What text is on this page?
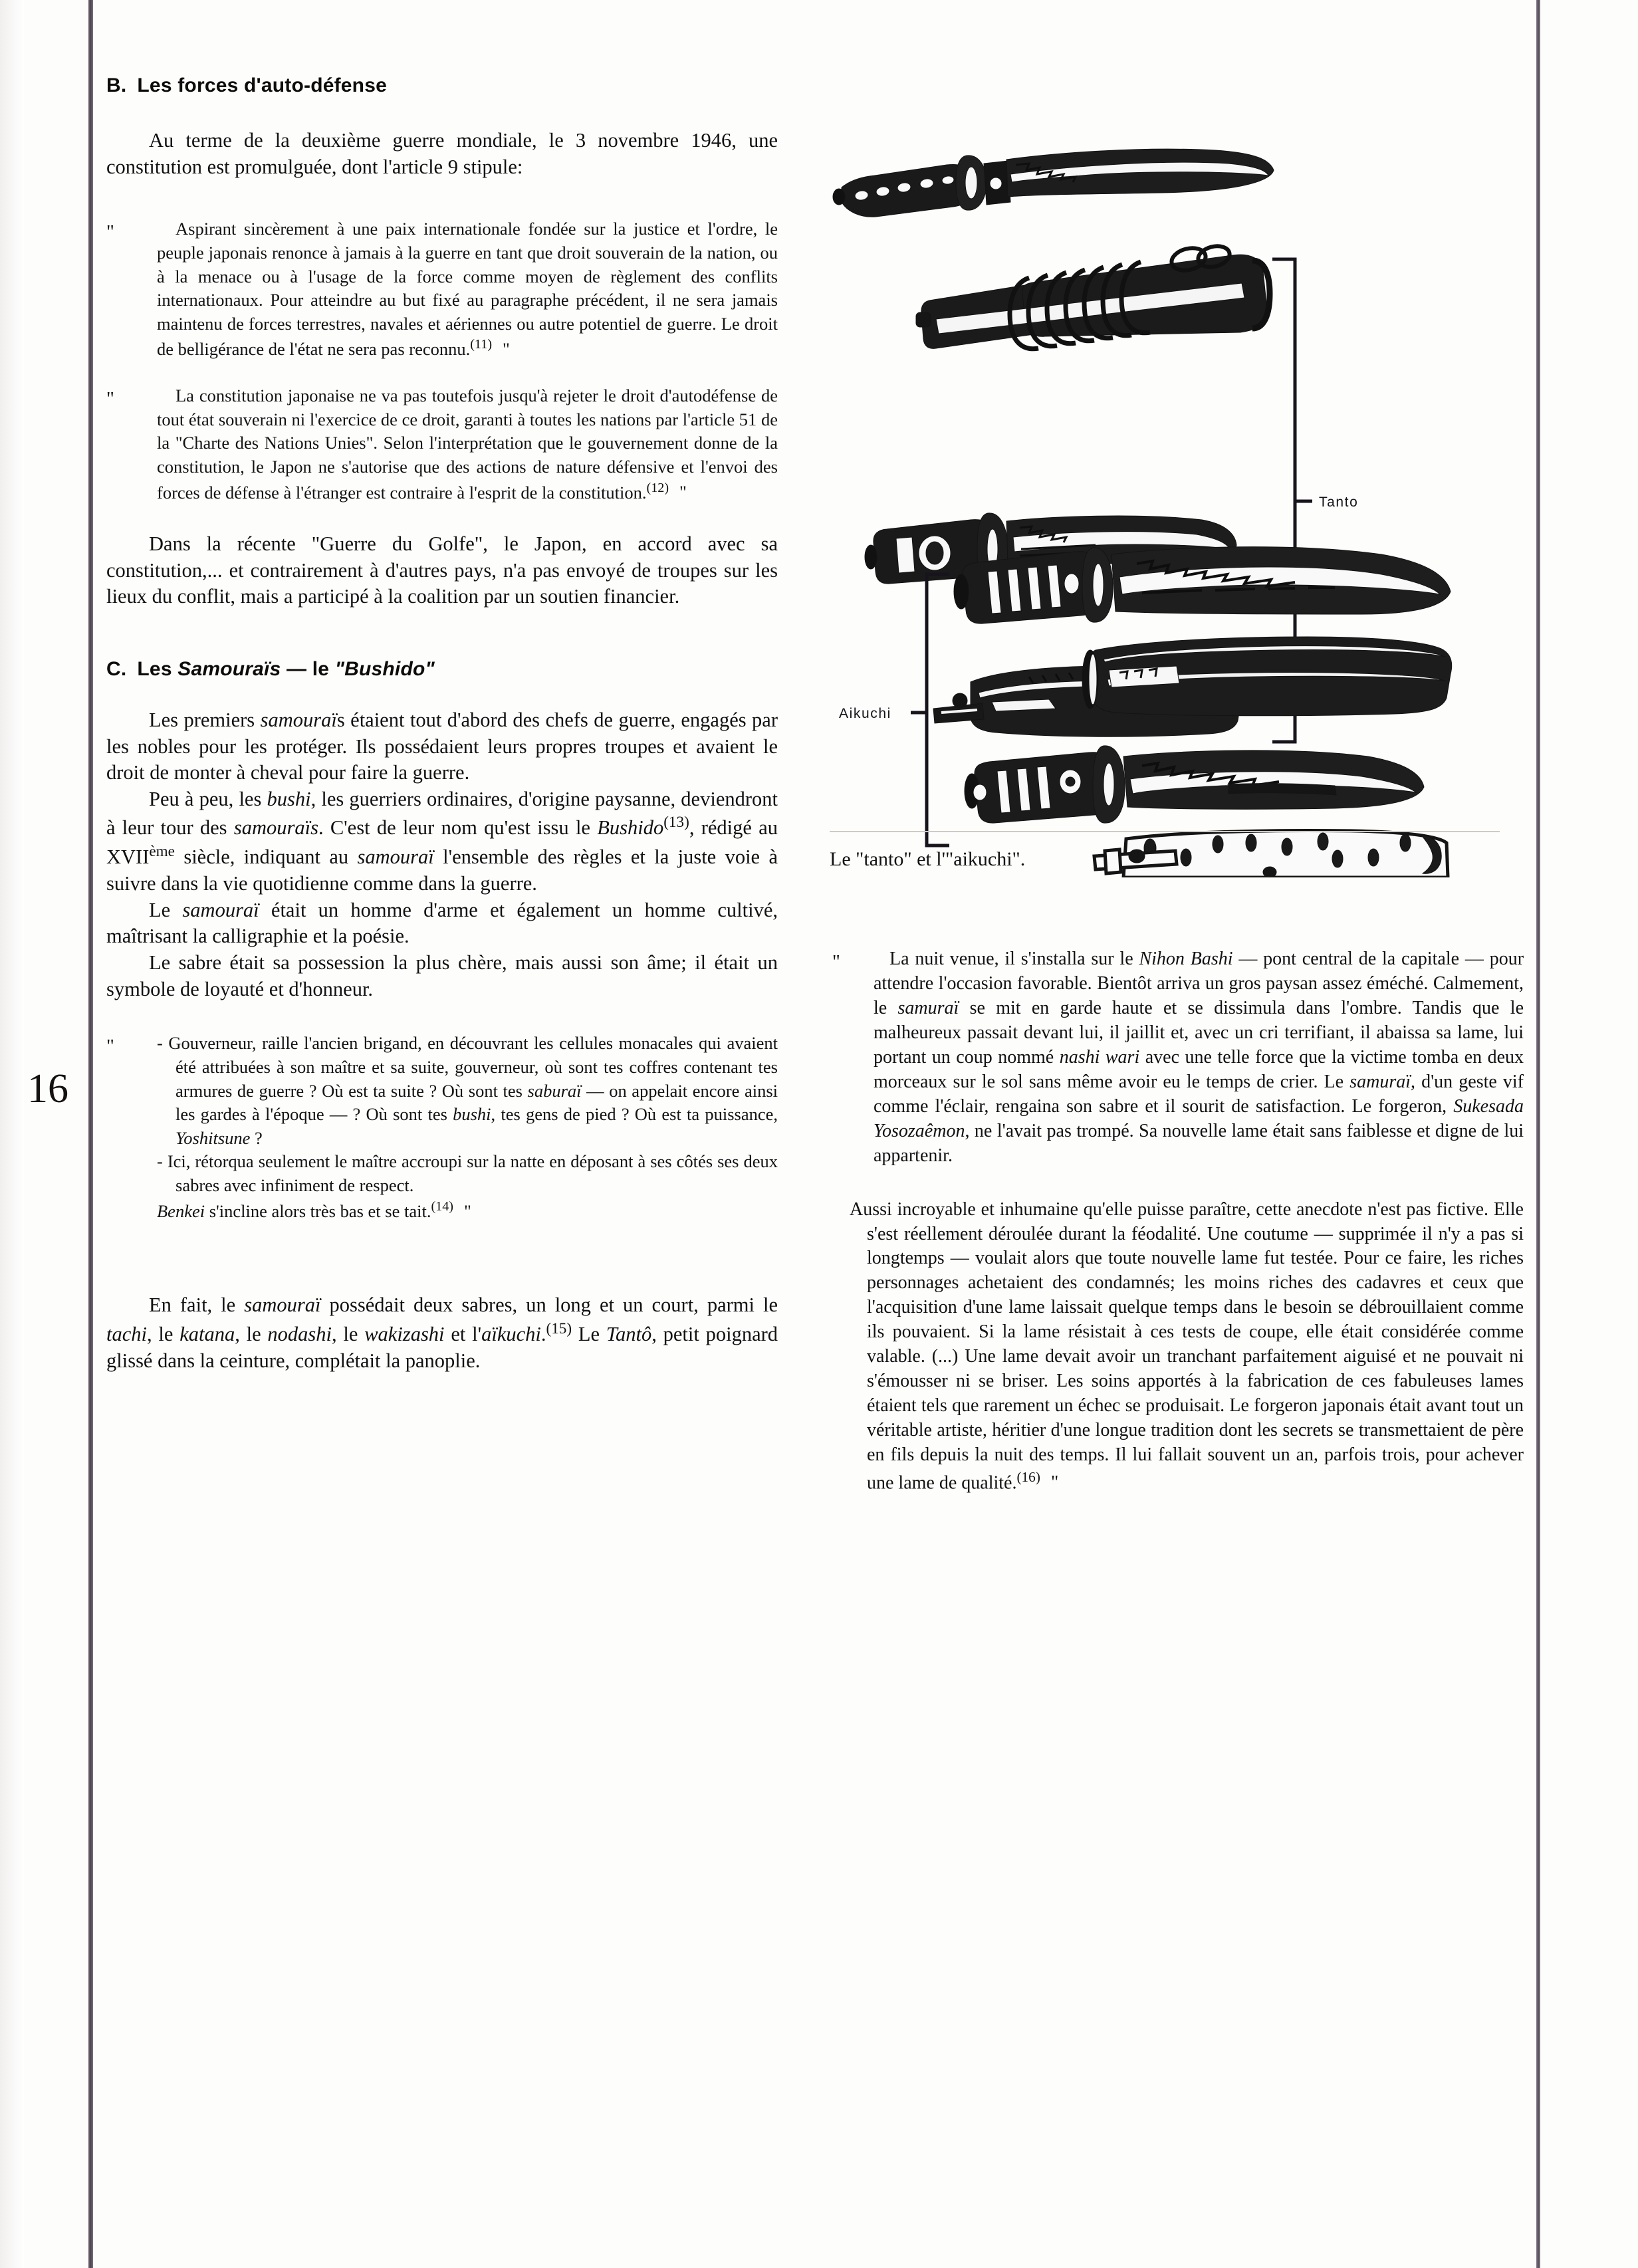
16
B. Les forces d'auto-défense

Au terme de la deuxième guerre mondiale, le 3 novembre 1946, une constitution est promulguée, dont l'article 9 stipule:

"	Aspirant sincèrement à une paix internationale fondée sur la justice et l'ordre, le peuple japonais renonce à jamais à la guerre en tant que droit souverain de la nation, ou à la menace ou à l'usage de la force comme moyen de règlement des conflits internationaux. Pour atteindre au but fixé au paragraphe précédent, il ne sera jamais maintenu de forces terrestres, navales et aériennes ou autre potentiel de guerre. Le droit de belligérance de l'état ne sera pas reconnu.$^{(11)}$ "

"	La constitution japonaise ne va pas toutefois jusqu'à rejeter le droit d'autodéfense de tout état souverain ni l'exercice de ce droit, garanti à toutes les nations par l'article 51 de la "Charte des Nations Unies". Selon l'interprétation que le gouvernement donne de la constitution, le Japon ne s'autorise que des actions de nature défensive et l'envoi des forces de défense à l'étranger est contraire à l'esprit de la constitution.$^{(12)}$ "

Dans la récente "Guerre du Golfe", le Japon, en accord avec sa constitution,... et contrairement à d'autres pays, n'a pas envoyé de troupes sur les lieux du conflit, mais a participé à la coalition par un soutien financier.

C. Les Samouraïs — le "Bushido"

Les premiers samouraïs étaient tout d'abord des chefs de guerre, engagés par les nobles pour les protéger. Ils possédaient leurs propres troupes et avaient le droit de monter à cheval pour faire la guerre.

Peu à peu, les bushi, les guerriers ordinaires, d'origine paysanne, deviendront à leur tour des samouraïs. C'est de leur nom qu'est issu le Bushido$^{(13)}$, rédigé au XVIIème siècle, indiquant au samouraï l'ensemble des règles et la juste voie à suivre dans la vie quotidienne comme dans la guerre.

Le samouraï était un homme d'arme et également un homme cultivé, maîtrisant la calligraphie et la poésie.

Le sabre était sa possession la plus chère, mais aussi son âme; il était un symbole de loyauté et d'honneur.

" - Gouverneur, raille l'ancien brigand, en découvrant les cellules monacales qui avaient été attribuées à son maître et sa suite, gouverneur, où sont tes coffres contenant tes armures de guerre ? Où est ta suite ? Où sont tes saburaï — on appelait encore ainsi les gardes à l'époque — ? Où sont tes bushi, tes gens de pied ? Où est ta puissance, Yoshitsune ?

- Ici, rétorqua seulement le maître accroupi sur la natte en déposant à ses côtés ses deux sabres avec infiniment de respect.

Benkei s'incline alors très bas et se tait.$^{(14)}$ "

En fait, le samouraï possédait deux sabres, un long et un court, parmi le tachi, le katana, le nodashi, le wakizashi et l'aïkuchi.$^{(15)}$ Le Tantô, petit poignard glissé dans la ceinture, complétait la panoplie.

Tanto
Aikuchi
Le "tanto" et l'"aikuchi".
"	La nuit venue, il s'installa sur le Nihon Bashi — pont central de la capitale — pour attendre l'occasion favorable. Bientôt arriva un gros paysan assez éméché. Calmement, le samuraï se mit en garde haute et se dissimula dans l'ombre. Tandis que le malheureux passait devant lui, il jaillit et, avec un cri terrifiant, il abaissa sa lame, lui portant un coup nommé nashi wari avec une telle force que la victime tomba en deux morceaux sur le sol sans même avoir eu le temps de crier. Le samuraï, d'un geste vif comme l'éclair, rengaina son sabre et il sourit de satisfaction. Le forgeron, Sukesada Yosozaêmon, ne l'avait pas trompé. Sa nouvelle lame était sans faiblesse et digne de lui appartenir.

Aussi incroyable et inhumaine qu'elle puisse paraître, cette anecdote n'est pas fictive. Elle s'est réellement déroulée durant la féodalité. Une coutume — supprimée il n'y a pas si longtemps — voulait alors que toute nouvelle lame fut testée. Pour ce faire, les riches personnages achetaient des condamnés; les moins riches des cadavres et ceux que l'acquisition d'une lame laissait quelque temps dans le besoin se débrouillaient comme ils pouvaient. Si la lame résistait à ces tests de coupe, elle était considérée comme valable. (...) Une lame devait avoir un tranchant parfaitement aiguisé et ne pouvait ni s'émousser ni se briser. Les soins apportés à la fabrication de ces fabuleuses lames étaient tels que rarement un échec se produisait. Le forgeron japonais était avant tout un véritable artiste, héritier d'une longue tradition dont les secrets se transmettaient de père en fils depuis la nuit des temps. Il lui fallait souvent un an, parfois trois, pour achever une lame de qualité.$^{(16)}$ "
